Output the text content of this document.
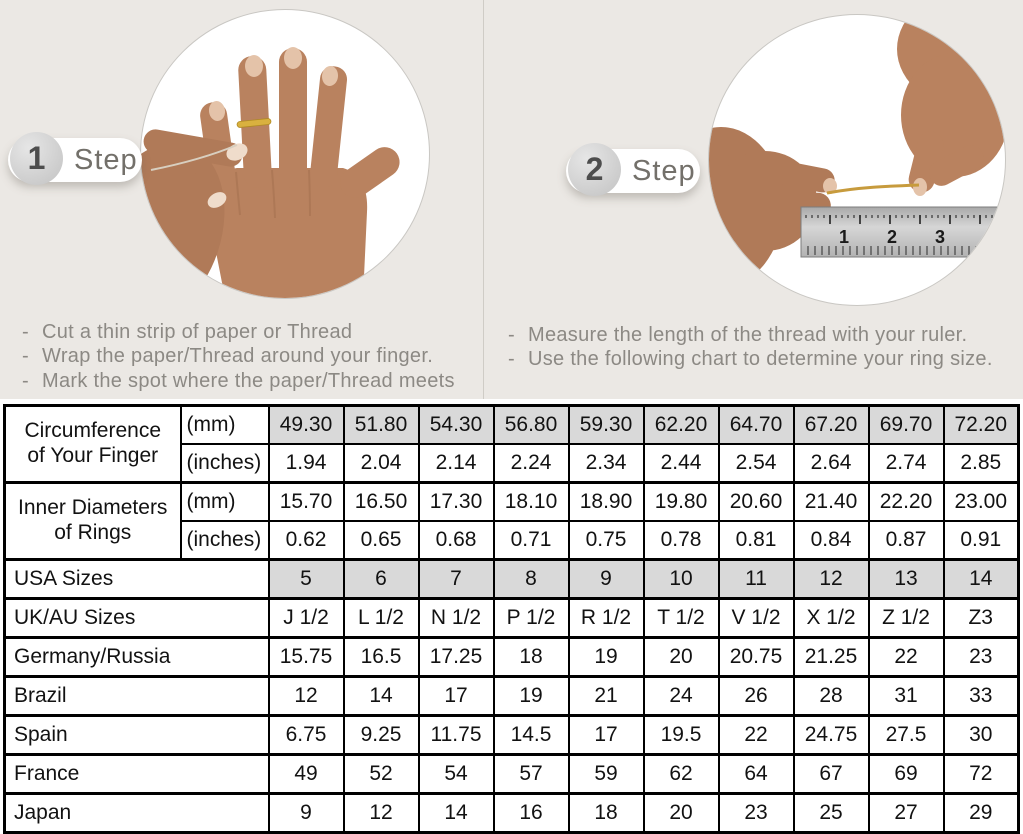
1 Step
1 2 3
2 Step
- Cut a thin strip of paper or Thread
- Wrap the paper/Thread around your finger.
- Mark the spot where the paper/Thread meets
- Measure the length of the thread with your ruler.
- Use the following chart to determine your ring size.
Circumference
of Your Finger	(mm)	49.30	51.80	54.30	56.80	59.30	62.20	64.70	67.20	69.70	72.20
	(inches)	1.94	2.04	2.14	2.24	2.34	2.44	2.54	2.64	2.74	2.85

Inner Diameters
of Rings	(mm)	15.70	16.50	17.30	18.10	18.90	19.80	20.60	21.40	22.20	23.00
	(inches)	0.62	0.65	0.68	0.71	0.75	0.78	0.81	0.84	0.87	0.91
USA Sizes		5	6	7	8	9	10	11	12	13	14
UK/AU Sizes		J 1/2	L 1/2	N 1/2	P 1/2	R 1/2	T 1/2	V 1/2	X 1/2	Z 1/2	Z3
Germany/Russia		15.75	16.5	17.25	18	19	20	20.75	21.25	22	23
Brazil		12	14	17	19	21	24	26	28	31	33
Spain		6.75	9.25	11.75	14.5	17	19.5	22	24.75	27.5	30
France		49	52	54	57	59	62	64	67	69	72
Japan		9	12	14	16	18	20	23	25	27	29
